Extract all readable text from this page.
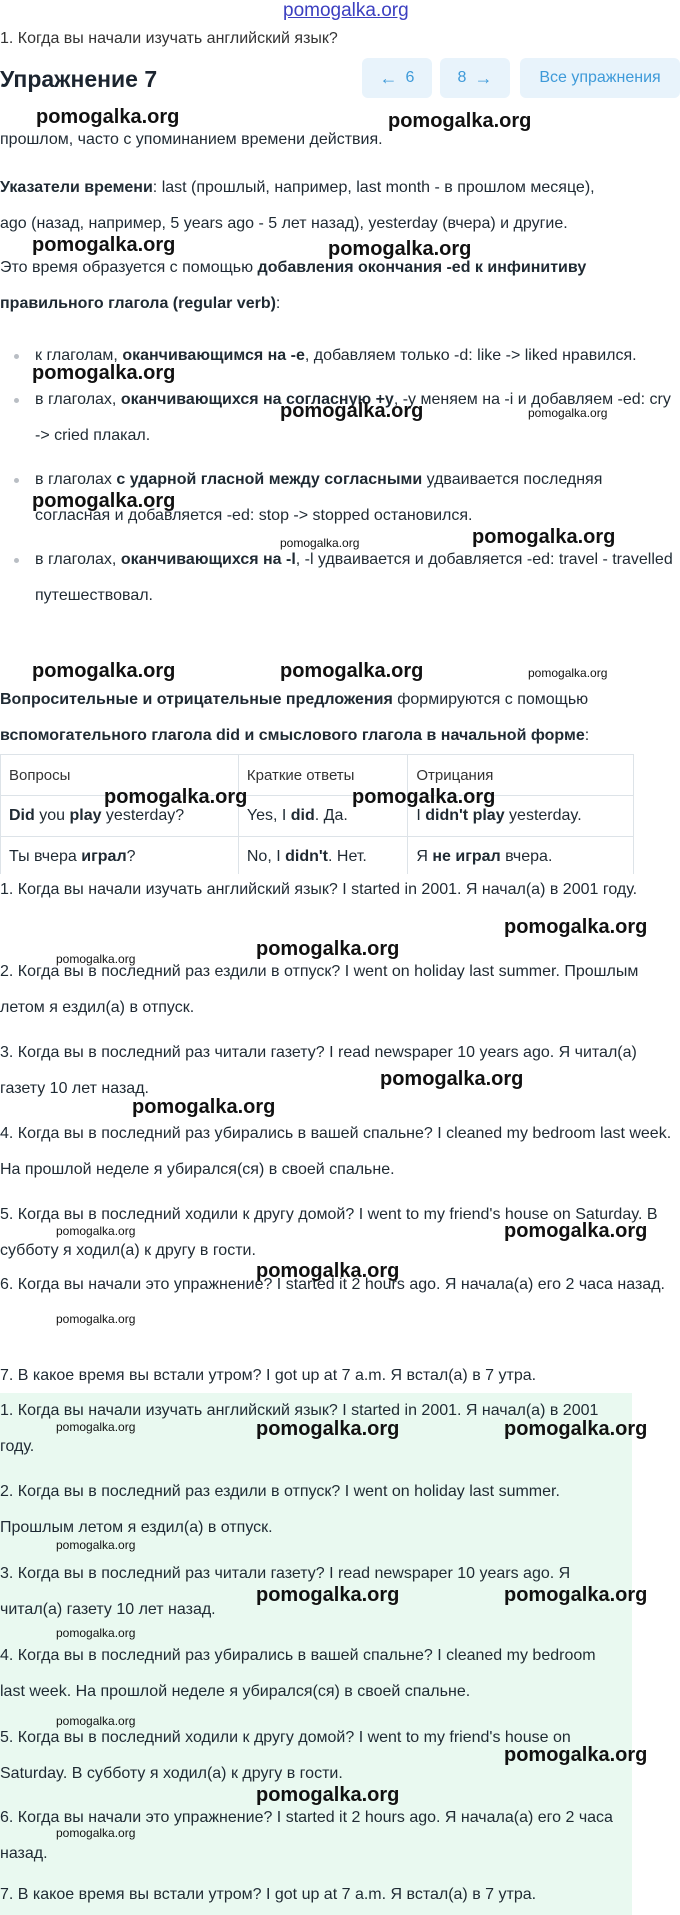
pomogalka.org
1. Когда вы начали изучать английский язык?
Упражнение 7	← 6	8 →	Все упражнения

прошлом, часто с упоминанием времени действия.

Указатели времени: last (прошлый, например, last month - в прошлом месяце),
ago (назад, например, 5 years ago - 5 лет назад), yesterday (вчера) и другие.

Это время образуется с помощью добавления окончания -ed к инфинитиву
правильного глагола (regular verb):

к глаголам, оканчивающимся на -e, добавляем только -d: like -> liked нравился.
в глаголах, оканчивающихся на согласную +y, -y меняем на -i и добавляем -ed: cry -> cried плакал.
в глаголах с ударной гласной между согласными удваивается последняя согласная и добавляется -ed: stop -> stopped остановился.
в глаголах, оканчивающихся на -l, -l удваивается и добавляется -ed: travel - travelled путешествовал.

Вопросительные и отрицательные предложения формируются с помощью
вспомогательного глагола did и смыслового глагола в начальной форме:

Вопросы	Краткие ответы	Отрицания
Did you play yesterday?	Yes, I did. Да.	I didn't play yesterday.
Ты вчера играл?	No, I didn't. Нет.	Я не играл вчера.

1. Когда вы начали изучать английский язык? I started in 2001. Я начал(а) в 2001 году.

2. Когда вы в последний раз ездили в отпуск? I went on holiday last summer. Прошлым летом я ездил(а) в отпуск.

3. Когда вы в последний раз читали газету? I read newspaper 10 years ago. Я читал(а) газету 10 лет назад.

4. Когда вы в последний раз убирались в вашей спальне? I cleaned my bedroom last week. На прошлой неделе я убирался(ся) в своей спальне.

5. Когда вы в последний ходили к другу домой? I went to my friend's house on Saturday. В субботу я ходил(а) к другу в гости.

6. Когда вы начали это упражнение? I started it 2 hours ago. Я начала(а) его 2 часа назад.

7. В какое время вы встали утром? I got up at 7 a.m. Я встал(а) в 7 утра.

1. Когда вы начали изучать английский язык? I started in 2001. Я начал(а) в 2001 году.

2. Когда вы в последний раз ездили в отпуск? I went on holiday last summer. Прошлым летом я ездил(а) в отпуск.

3. Когда вы в последний раз читали газету? I read newspaper 10 years ago. Я читал(а) газету 10 лет назад.

4. Когда вы в последний раз убирались в вашей спальне? I cleaned my bedroom last week. На прошлой неделе я убирался(ся) в своей спальне.

5. Когда вы в последний ходили к другу домой? I went to my friend's house on Saturday. В субботу я ходил(а) к другу в гости.

6. Когда вы начали это упражнение? I started it 2 hours ago. Я начала(а) его 2 часа назад.

7. В какое время вы встали утром? I got up at 7 a.m. Я встал(а) в 7 утра.

pomogalka.org	pomogalka.org
pomogalka.org	pomogalka.org
pomogalka.org
pomogalka.org	pomogalka.org
pomogalka.org
pomogalka.org
pomogalka.org
pomogalka.org	pomogalka.org	pomogalka.org
pomogalka.org	pomogalka.org
pomogalka.org
pomogalka.org
pomogalka.org
pomogalka.org
pomogalka.org
pomogalka.org	pomogalka.org
pomogalka.org
pomogalka.org
pomogalka.org	pomogalka.org	pomogalka.org
pomogalka.org
pomogalka.org	pomogalka.org
pomogalka.org
pomogalka.org
pomogalka.org
pomogalka.org
pomogalka.org
